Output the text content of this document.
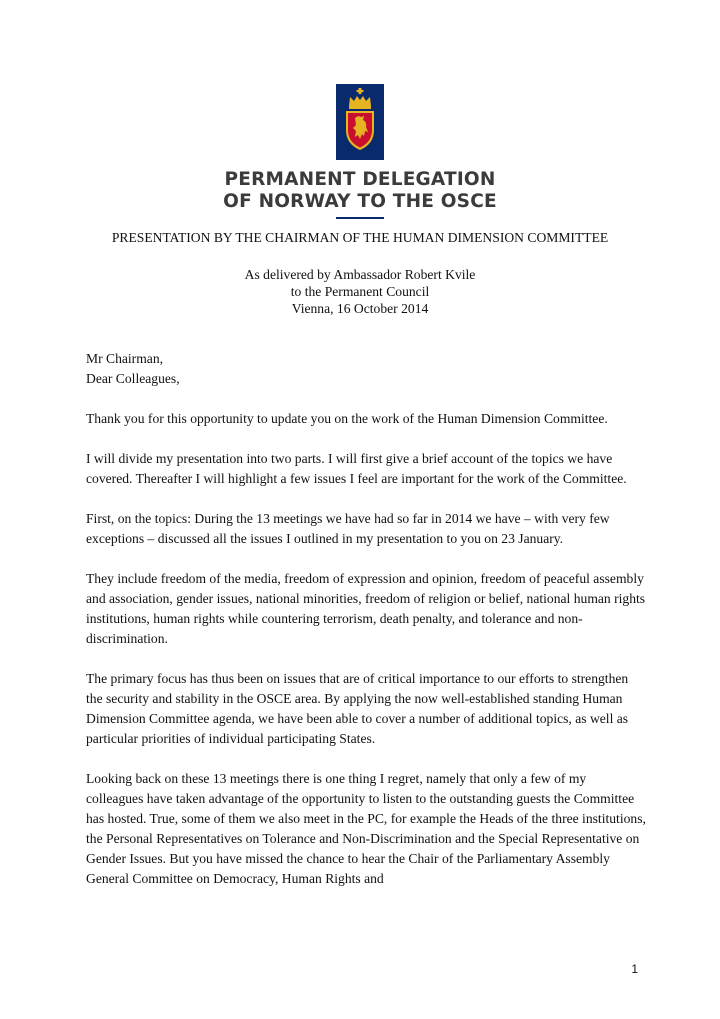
PERMANENT DELEGATION
OF NORWAY TO THE OSCE
PRESENTATION BY THE CHAIRMAN OF THE HUMAN DIMENSION COMMITTEE
As delivered by Ambassador Robert Kvile
to the Permanent Council
Vienna, 16 October 2014

Mr Chairman,
Dear Colleagues,

Thank you for this opportunity to update you on the work of the Human Dimension Committee.

I will divide my presentation into two parts. I will first give a brief account of the topics we have covered. Thereafter I will highlight a few issues I feel are important for the work of the Committee.

First, on the topics: During the 13 meetings we have had so far in 2014 we have – with very few exceptions – discussed all the issues I outlined in my presentation to you on 23 January.

They include freedom of the media, freedom of expression and opinion, freedom of peaceful assembly and association, gender issues, national minorities, freedom of religion or belief, national human rights institutions, human rights while countering terrorism, death penalty, and tolerance and non-discrimination.

The primary focus has thus been on issues that are of critical importance to our efforts to strengthen the security and stability in the OSCE area. By applying the now well-established standing Human Dimension Committee agenda, we have been able to cover a number of additional topics, as well as particular priorities of individual participating States.

Looking back on these 13 meetings there is one thing I regret, namely that only a few of my colleagues have taken advantage of the opportunity to listen to the outstanding guests the Committee has hosted. True, some of them we also meet in the PC, for example the Heads of the three institutions, the Personal Representatives on Tolerance and Non-Discrimination and the Special Representative on Gender Issues. But you have missed the chance to hear the Chair of the Parliamentary Assembly General Committee on Democracy, Human Rights and

1
